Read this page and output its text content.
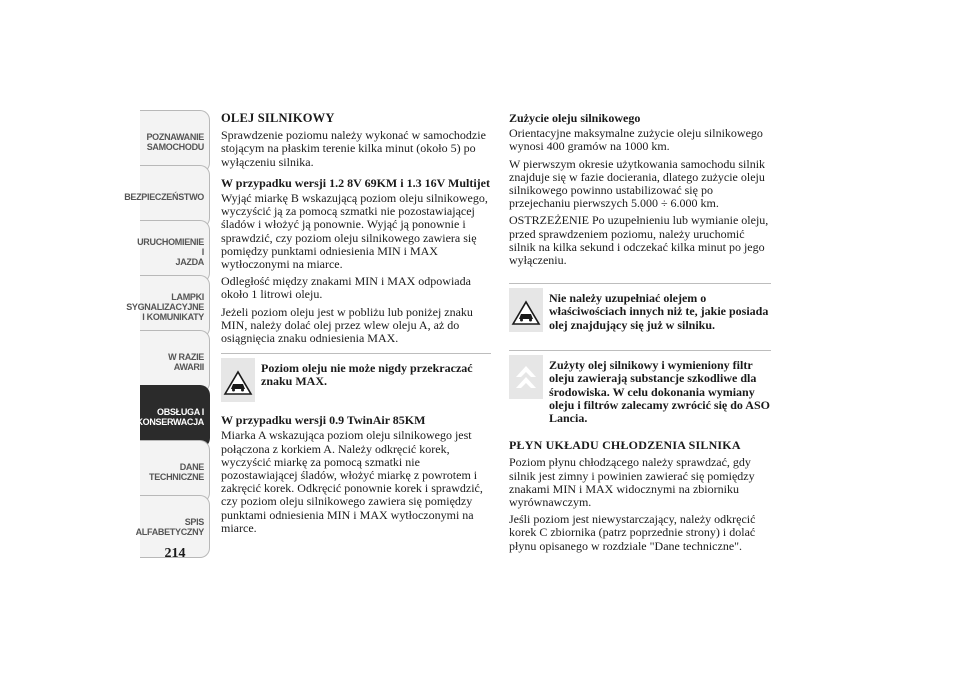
POZNAWANIE
SAMOCHODU
BEZPIECZEŃSTWO
URUCHOMIENIE I
JAZDA
LAMPKI
SYGNALIZACYJNE
I KOMUNIKATY
W RAZIE AWARII
OBSŁUGA I
KONSERWACJA
DANE
TECHNICZNE
SPIS
ALFABETYCZNY
214
OLEJ SILNIKOWY

Sprawdzenie poziomu należy wykonać w samochodzie stojącym na płaskim terenie kilka minut (około 5) po wyłączeniu silnika.

W przypadku wersji 1.2 8V 69KM i 1.3 16V Multijet

Wyjąć miarkę B wskazującą poziom oleju silnikowego, wyczyścić ją za pomocą szmatki nie pozostawiającej śladów i włożyć ją ponownie. Wyjąć ją ponownie i sprawdzić, czy poziom oleju silnikowego zawiera się pomiędzy punktami odniesienia MIN i MAX wytłoczonymi na miarce.

Odległość między znakami MIN i MAX odpowiada około 1 litrowi oleju.

Jeżeli poziom oleju jest w pobliżu lub poniżej znaku MIN, należy dolać olej przez wlew oleju A, aż do osiągnięcia znaku odniesienia MAX.

Poziom oleju nie może nigdy przekraczać znaku MAX.
W przypadku wersji 0.9 TwinAir 85KM

Miarka A wskazująca poziom oleju silnikowego jest połączona z korkiem A. Należy odkręcić korek, wyczyścić miarkę za pomocą szmatki nie pozostawiającej śladów, włożyć miarkę z powrotem i zakręcić korek. Odkręcić ponownie korek i sprawdzić, czy poziom oleju silnikowego zawiera się pomiędzy punktami odniesienia MIN i MAX wytłoczonymi na miarce.

Zużycie oleju silnikowego

Orientacyjne maksymalne zużycie oleju silnikowego wynosi 400 gramów na 1000 km.

W pierwszym okresie użytkowania samochodu silnik znajduje się w fazie docierania, dlatego zużycie oleju silnikowego powinno ustabilizować się po przejechaniu pierwszych 5.000 ÷ 6.000 km.

OSTRZEŻENIE Po uzupełnieniu lub wymianie oleju, przed sprawdzeniem poziomu, należy uruchomić silnik na kilka sekund i odczekać kilka minut po jego wyłączeniu.

Nie należy uzupełniać olejem o właściwościach innych niż te, jakie posiada olej znajdujący się już w silniku.
Zużyty olej silnikowy i wymieniony filtr oleju zawierają substancje szkodliwe dla środowiska. W celu dokonania wymiany oleju i filtrów zalecamy zwrócić się do ASO Lancia.
PŁYN UKŁADU CHŁODZENIA SILNIKA

Poziom płynu chłodzącego należy sprawdzać, gdy silnik jest zimny i powinien zawierać się pomiędzy znakami MIN i MAX widocznymi na zbiorniku wyrównawczym.

Jeśli poziom jest niewystarczający, należy odkręcić korek C zbiornika (patrz poprzednie strony) i dolać płynu opisanego w rozdziale "Dane techniczne".
